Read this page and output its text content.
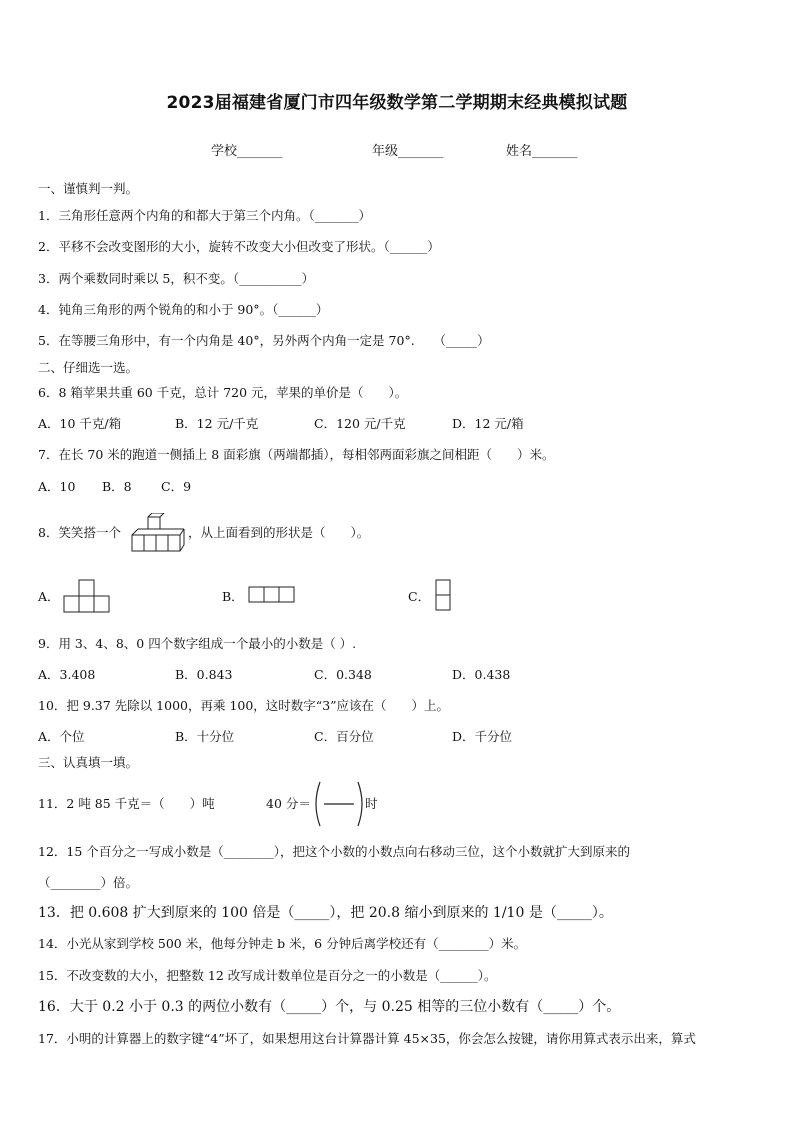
2023届福建省厦门市四年级数学第二学期期末经典模拟试题
学校_______	年级_______	姓名_______
一、谨慎判一判。
1．三角形任意两个内角的和都大于第三个内角。（_______）
2．平移不会改变图形的大小，旋转不改变大小但改变了形状。（______）
3．两个乘数同时乘以 5，积不变。（__________）
4．钝角三角形的两个锐角的和小于 90°。（______）
5．在等腰三角形中，有一个内角是 40°，另外两个内角一定是 70°.　　（_____）
二、仔细选一选。
6．8 箱苹果共重 60 千克，总计 720 元，苹果的单价是（　　）。
A．10 千克/箱	B．12 元/千克	C．120 元/千克	D．12 元/箱
7．在长 70 米的跑道一侧插上 8 面彩旗（两端都插），每相邻两面彩旗之间相距（　　）米。
A．10 B．8 C．9
8．笑笑搭一个	，从上面看到的形状是（　　）。
A．	B．	C．
9．用 3、4、8、0 四个数字组成一个最小的小数是（ ）.
A．3.408	B．0.843	C．0.348	D．0.438
10．把 9.37 先除以 1000，再乘 100，这时数字“3”应该在（　　）上。
A．个位	B．十分位	C．百分位	D．千分位
三、认真填一填。
11．2 吨 85 千克＝（　　）吨	40 分＝	时
12．15 个百分之一写成小数是（________），把这个小数的小数点向右移动三位，这个小数就扩大到原来的
（________）倍。
13．把 0.608 扩大到原来的 100 倍是（_____），把 20.8 缩小到原来的 1/10 是（_____）。
14．小光从家到学校 500 米，他每分钟走 b 米，6 分钟后离学校还有（________）米。
15．不改变数的大小，把整数 12 改写成计数单位是百分之一的小数是（______）。
16．大于 0.2 小于 0.3 的两位小数有（_____）个，与 0.25 相等的三位小数有（_____）个。
17．小明的计算器上的数字键“4”坏了，如果想用这台计算器计算 45×35，你会怎么按键，请你用算式表示出来，算式
